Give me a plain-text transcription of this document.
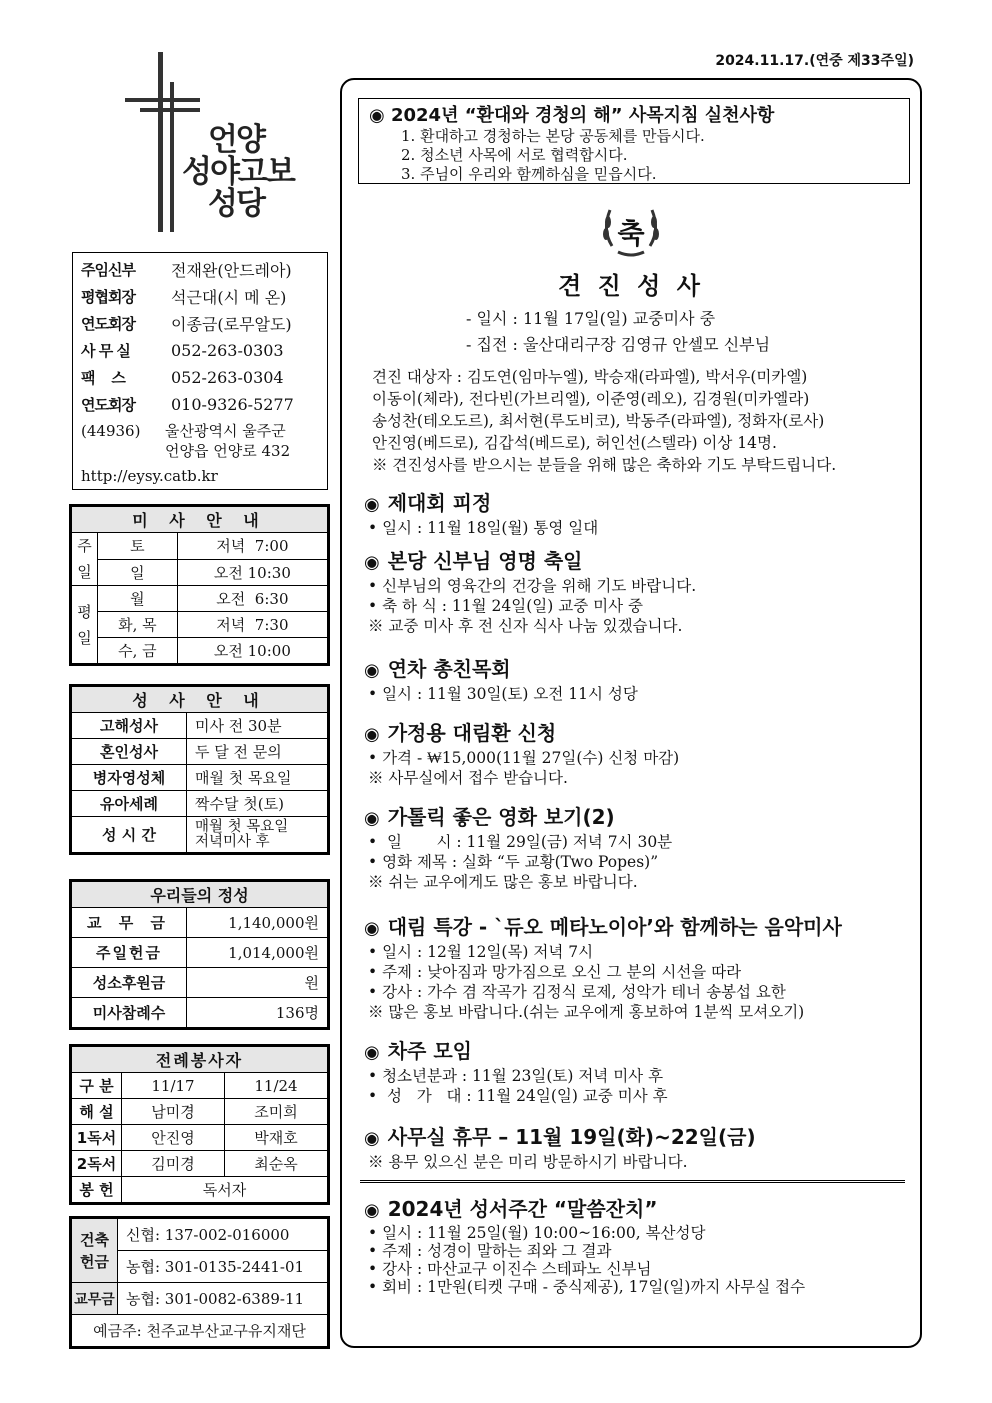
2024.11.17.(연중 제33주일)
언양
성야고보
성당
주임신부	전재완(안드레아)
평협회장	석근대(시 메 온)
연도회장	이종금(로무알도)
사 무 실	052-263-0303
팩    스	052-263-0304
연도회장	010-9326-5277
(44936)	울산광역시 울주군
언양읍 언양로 432
http://eysy.catb.kr
미 사 안 내		
주일	토	저녁  7:00
	일	오전 10:30
평일	월	오전  6:30
	화, 목	저녁  7:30
	수, 금	오전 10:00
성 사 안 내	
고해성사	미사 전 30분
혼인성사	두 달 전 문의
병자영성체	매월 첫 목요일
유아세례	짝수달 첫(토)
성 시 간	매월 첫 목요일
저녁미사 후
우리들의 정성	
교 무 금	1,140,000원
주일헌금	1,014,000원
성소후원금	원
미사참례수	136명
전례봉사자		
구 분	11/17	11/24
해 설	남미경	조미희
1독서	안진영	박재호
2독서	김미경	최순옥
봉 헌	독서자	
건축헌금	신협: 137-002-016000
	농협: 301-0135-2441-01
교무금	농협: 301-0082-6389-11
예금주: 천주교부산교구유지재단	
◉ 2024년 “환대와 경청의 해” 사목지침 실천사항
1. 환대하고 경청하는 본당 공동체를 만듭시다.
2. 청소년 사목에 서로 협력합시다.
3. 주님이 우리와 함께하심을 믿읍시다.
축
견 진 성 사
- 일시 : 11월 17일(일) 교중미사 중
- 집전 : 울산대리구장 김영규 안셀모 신부님
견진 대상자 : 김도연(임마누엘), 박승재(라파엘), 박서우(미카엘)
이동이(체라), 전다빈(가브리엘), 이준영(레오), 김경원(미카엘라)
송성찬(테오도르), 최서현(루도비코), 박동주(라파엘), 정화자(로사)
안진영(베드로), 김갑석(베드로), 허인선(스텔라) 이상 14명.
※ 견진성사를 받으시는 분들을 위해 많은 축하와 기도 부탁드립니다.
◉ 제대회 피정
• 일시 : 11월 18일(월) 통영 일대
◉ 본당 신부님 영명 축일
• 신부님의 영육간의 건강을 위해 기도 바랍니다.
• 축 하 식 : 11월 24일(일) 교중 미사 중
※ 교중 미사 후 전 신자 식사 나눔 있겠습니다.
◉ 연차 총친목회
• 일시 : 11월 30일(토) 오전 11시 성당
◉ 가정용 대림환 신청
• 가격 - ₩15,000(11월 27일(수) 신청 마감)
※ 사무실에서 접수 받습니다.
◉ 가톨릭 좋은 영화 보기(2)
•  일       시 : 11월 29일(금) 저녁 7시 30분
• 영화 제목 : 실화 “두 교황(Two Popes)”
※ 쉬는 교우에게도 많은 홍보 바랍니다.
◉ 대림 특강 - `듀오 메타노이아’와 함께하는 음악미사
• 일시 : 12월 12일(목) 저녁 7시
• 주제 : 낮아짐과 망가짐으로 오신 그 분의 시선을 따라
• 강사 : 가수 겸 작곡가 김정식 로제, 성악가 테너 송봉섭 요한
※ 많은 홍보 바랍니다.(쉬는 교우에게 홍보하여 1분씩 모셔오기)
◉ 차주 모임
• 청소년분과 : 11월 23일(토) 저녁 미사 후
•  성   가   대 : 11월 24일(일) 교중 미사 후
◉ 사무실 휴무 – 11월 19일(화)~22일(금)
※ 용무 있으신 분은 미리 방문하시기 바랍니다.
◉ 2024년 성서주간 “말씀잔치”
• 일시 : 11월 25일(월) 10:00~16:00, 복산성당
• 주제 : 성경이 말하는 죄와 그 결과
• 강사 : 마산교구 이진수 스테파노 신부님
• 회비 : 1만원(티켓 구매 - 중식제공), 17일(일)까지 사무실 접수
